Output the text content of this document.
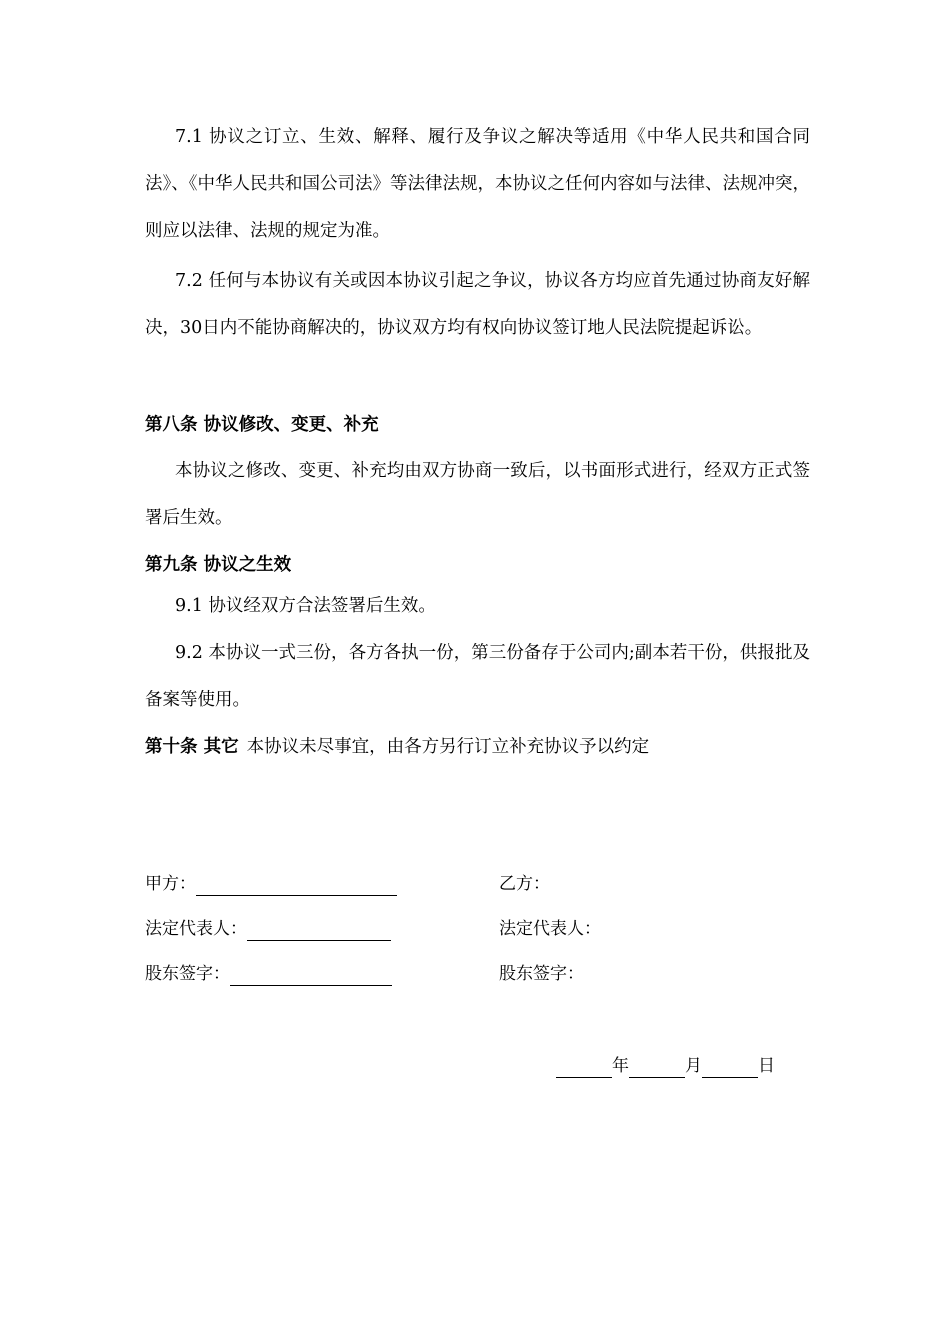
7.1 协议之订立、生效、解释、履行及争议之解决等适用《中华人民共和国合同法》、《中华人民共和国公司法》等法律法规，本协议之任何内容如与法律、法规冲突，则应以法律、法规的规定为准。

7.2 任何与本协议有关或因本协议引起之争议，协议各方均应首先通过协商友好解决，30日内不能协商解决的，协议双方均有权向协议签订地人民法院提起诉讼。

第八条 协议修改、变更、补充

本协议之修改、变更、补充均由双方协商一致后，以书面形式进行，经双方正式签署后生效。

第九条 协议之生效

9.1 协议经双方合法签署后生效。

9.2 本协议一式三份，各方各执一份，第三份备存于公司内;副本若干份，供报批及备案等使用。

第十条 其它 本协议未尽事宜，由各方另行订立补充协议予以约定
甲方：
法定代表人：
股东签字：
乙方：
法定代表人：
股东签字：
年	月	日
